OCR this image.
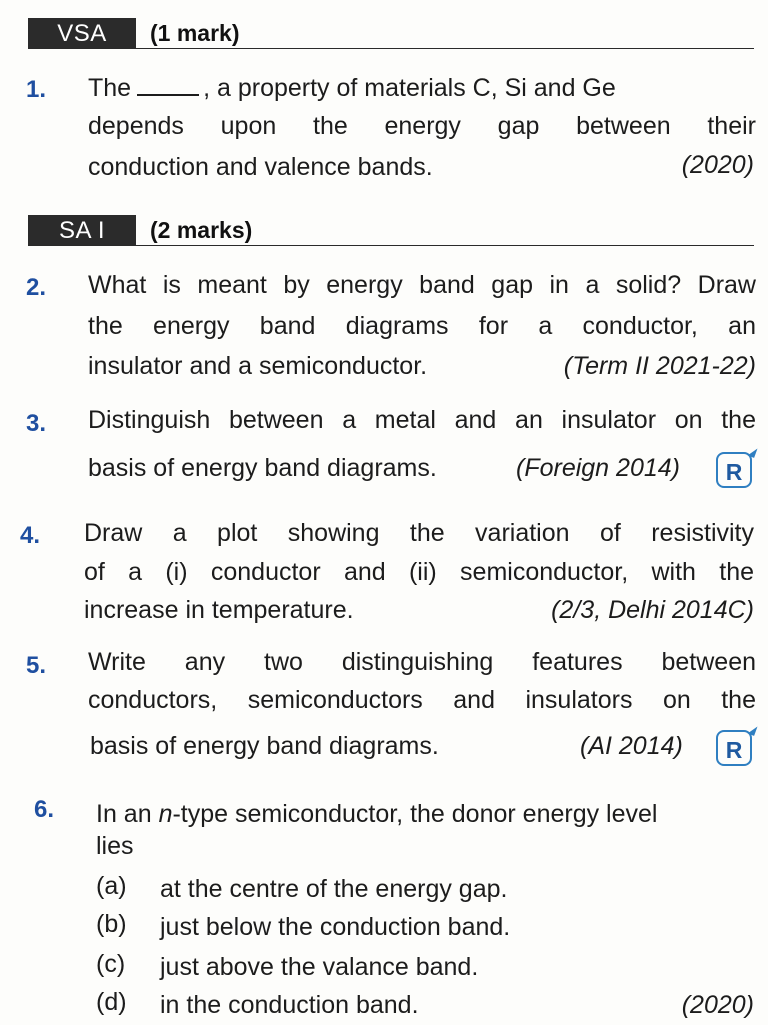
VSA	(1 mark)
1. The	, a property of materials C, Si and Ge
depends upon the energy gap between their
conduction and valence bands.	(2020)
SA I	(2 marks)
2. What is meant by energy band gap in a solid? Draw
the energy band diagrams for a conductor, an
insulator and a semiconductor.	(Term II 2021-22)
3. Distinguish between a metal and an insulator on the
basis of energy band diagrams.	(Foreign 2014)	R
4. Draw a plot showing the variation of resistivity
of a (i) conductor and (ii) semiconductor, with the
increase in temperature.	(2/3, Delhi 2014C)
5. Write any two distinguishing features between
conductors, semiconductors and insulators on the
basis of energy band diagrams.	(AI 2014)	R
6. In an n-type semiconductor, the donor energy level
lies
(a) at the centre of the energy gap.
(b) just below the conduction band.
(c) just above the valance band.
(d) in the conduction band.	(2020)
